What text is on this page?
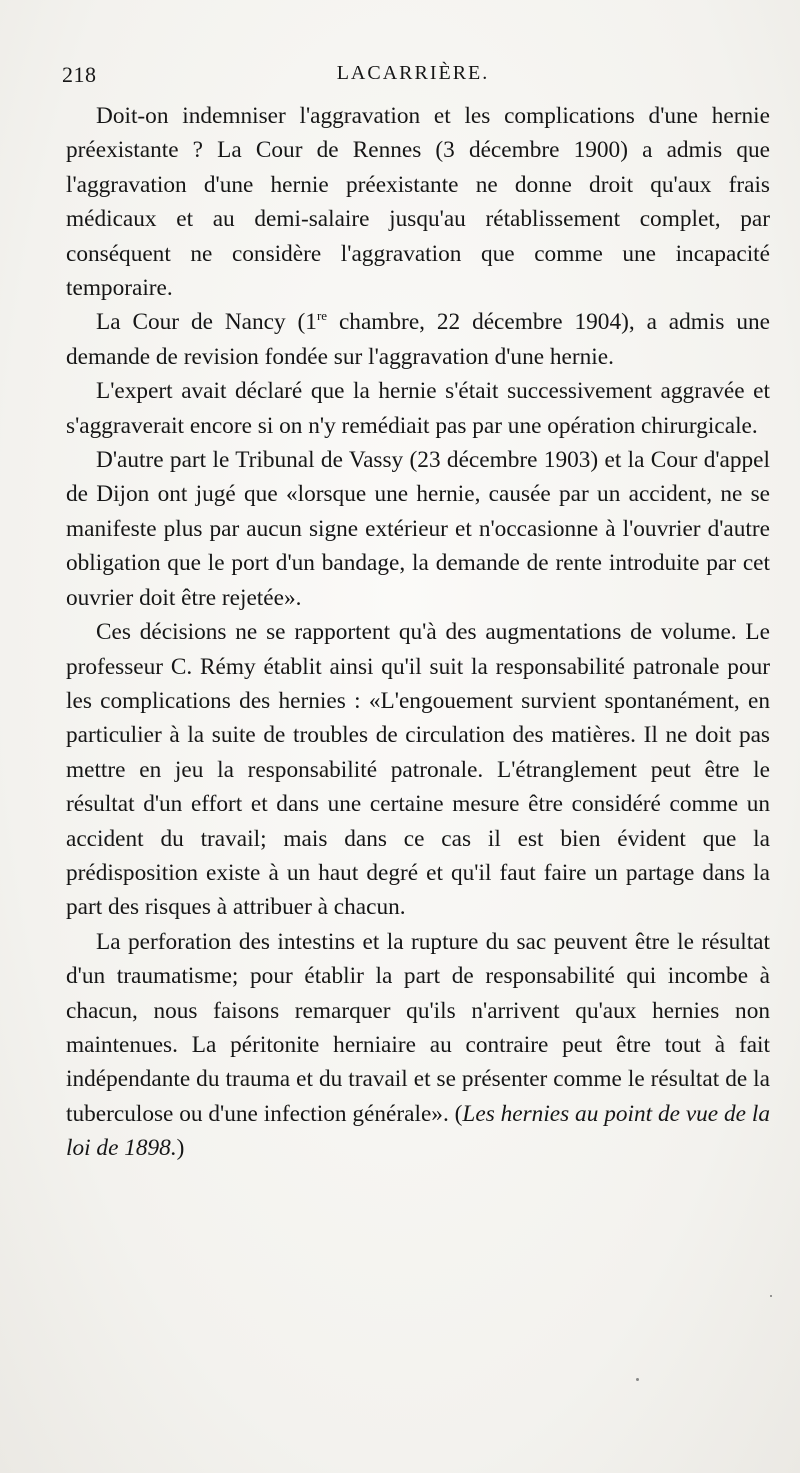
218	LACARRIÈRE.

Doit-on indemniser l'aggravation et les complications d'une hernie préexistante ? La Cour de Rennes (3 décembre 1900) a admis que l'aggravation d'une hernie préexistante ne donne droit qu'aux frais médicaux et au demi-salaire jusqu'au rétablissement complet, par conséquent ne considère l'aggravation que comme une incapacité temporaire.

La Cour de Nancy (1re chambre, 22 décembre 1904), a admis une demande de revision fondée sur l'aggravation d'une hernie.

L'expert avait déclaré que la hernie s'était successivement aggravée et s'aggraverait encore si on n'y remédiait pas par une opération chirurgicale.

D'autre part le Tribunal de Vassy (23 décembre 1903) et la Cour d'appel de Dijon ont jugé que «lorsque une hernie, causée par un accident, ne se manifeste plus par aucun signe extérieur et n'occasionne à l'ouvrier d'autre obligation que le port d'un bandage, la demande de rente introduite par cet ouvrier doit être rejetée».

Ces décisions ne se rapportent qu'à des augmentations de volume. Le professeur C. Rémy établit ainsi qu'il suit la responsabilité patronale pour les complications des hernies : «L'engouement survient spontanément, en particulier à la suite de troubles de circulation des matières. Il ne doit pas mettre en jeu la responsabilité patronale. L'étranglement peut être le résultat d'un effort et dans une certaine mesure être considéré comme un accident du travail; mais dans ce cas il est bien évident que la prédisposition existe à un haut degré et qu'il faut faire un partage dans la part des risques à attribuer à chacun.

La perforation des intestins et la rupture du sac peuvent être le résultat d'un traumatisme; pour établir la part de responsabilité qui incombe à chacun, nous faisons remarquer qu'ils n'arrivent qu'aux hernies non maintenues. La péritonite herniaire au contraire peut être tout à fait indépendante du trauma et du travail et se présenter comme le résultat de la tuberculose ou d'une infection générale». (Les hernies au point de vue de la loi de 1898.)
